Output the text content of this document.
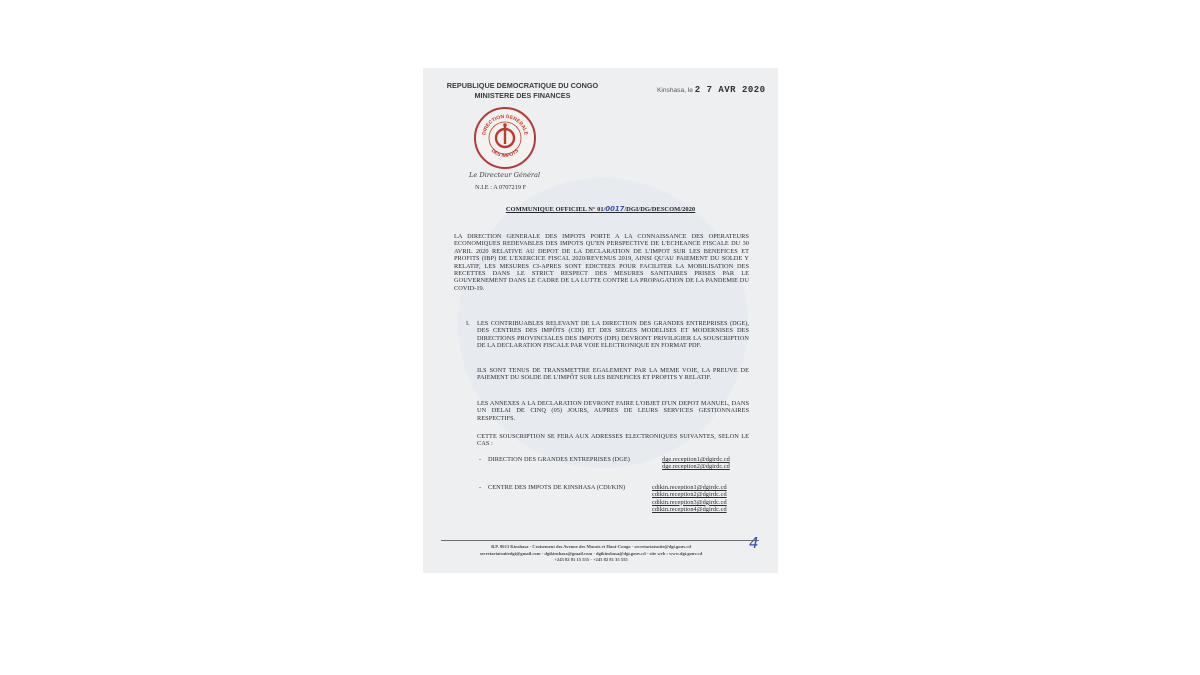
REPUBLIQUE DEMOCRATIQUE DU CONGO
MINISTERE DES FINANCES	Kinshasa, le 2 7 AVR 2020
DIRECTION GENERALE
DES IMPOTS
Le Directeur Général
N.I.E : A 0707219 F
COMMUNIQUE OFFICIEL N° 01/0017/DGI/DG/DESCOM/2020
LA DIRECTION GENERALE DES IMPOTS PORTE A LA CONNAISSANCE DES OPERATEURS ECONOMIQUES REDEVABLES DES IMPOTS QU'EN PERSPECTIVE DE L'ECHEANCE FISCALE DU 30 AVRIL 2020 RELATIVE AU DEPOT DE LA DECLARATION DE L'IMPOT SUR LES BENEFICES ET PROFITS (IBP) DE L'EXERCICE FISCAL 2020/REVENUS 2019, AINSI QU'AU PAIEMENT DU SOLDE Y RELATIF, LES MESURES CI-APRES SONT EDICTEES POUR FACILITER LA MOBILISATION DES RECETTES DANS LE STRICT RESPECT DES MESURES SANITAIRES PRISES PAR LE GOUVERNEMENT DANS LE CADRE DE LA LUTTE CONTRE LA PROPAGATION DE LA PANDEMIE DU COVID-19.
I. LES CONTRIBUABLES RELEVANT DE LA DIRECTION DES GRANDES ENTREPRISES (DGE), DES CENTRES DES IMPÔTS (CDI) ET DES SIEGES MODELISES ET MODERNISES DES DIRECTIONS PROVINCIALES DES IMPOTS (DPI) DEVRONT PRIVILIGIER LA SOUSCRIPTION DE LA DECLARATION FISCALE PAR VOIE ELECTRONIQUE EN FORMAT PDF.
ILS SONT TENUS DE TRANSMETTRE EGALEMENT PAR LA MEME VOIE, LA PREUVE DE PAIEMENT DU SOLDE DE L'IMPÔT SUR LES BENEFICES ET PROFITS Y RELATIF.
LES ANNEXES A LA DECLARATION DEVRONT FAIRE L'OBJET D'UN DEPOT MANUEL, DANS UN DELAI DE CINQ (05) JOURS, AUPRES DE LEURS SERVICES GESTIONNAIRES RESPECTIFS.
CETTE SOUSCRIPTION SE FERA AUX ADRESSES ELECTRONIQUES SUIVANTES, SELON LE CAS :
- DIRECTION DES GRANDES ENTREPRISES (DGE)	dge.reception1@dgirdc.cd
dge.reception2@dgirdc.cd
- CENTRE DES IMPOTS DE KINSHASA (CDI/KIN)	cdikin.reception1@dgirdc.cd
cdikin.reception2@dgirdc.cd
cdikin.reception3@dgirdc.cd
cdikin.reception4@dgirdc.cd
B.P. 8613 Kinshasa - Croisement des Avenue des Marais et Haut-Congo - secretariatsuite@dgi.gouv.cd
secretariatsuitedgi@gmail.com - dgikinshasa@gmail.com - dgikinshasa@dgi.gouv.cd - site web : www.dgi.gouv.cd
+243 82 81 15 555 - +243 82 81 35 555
4
